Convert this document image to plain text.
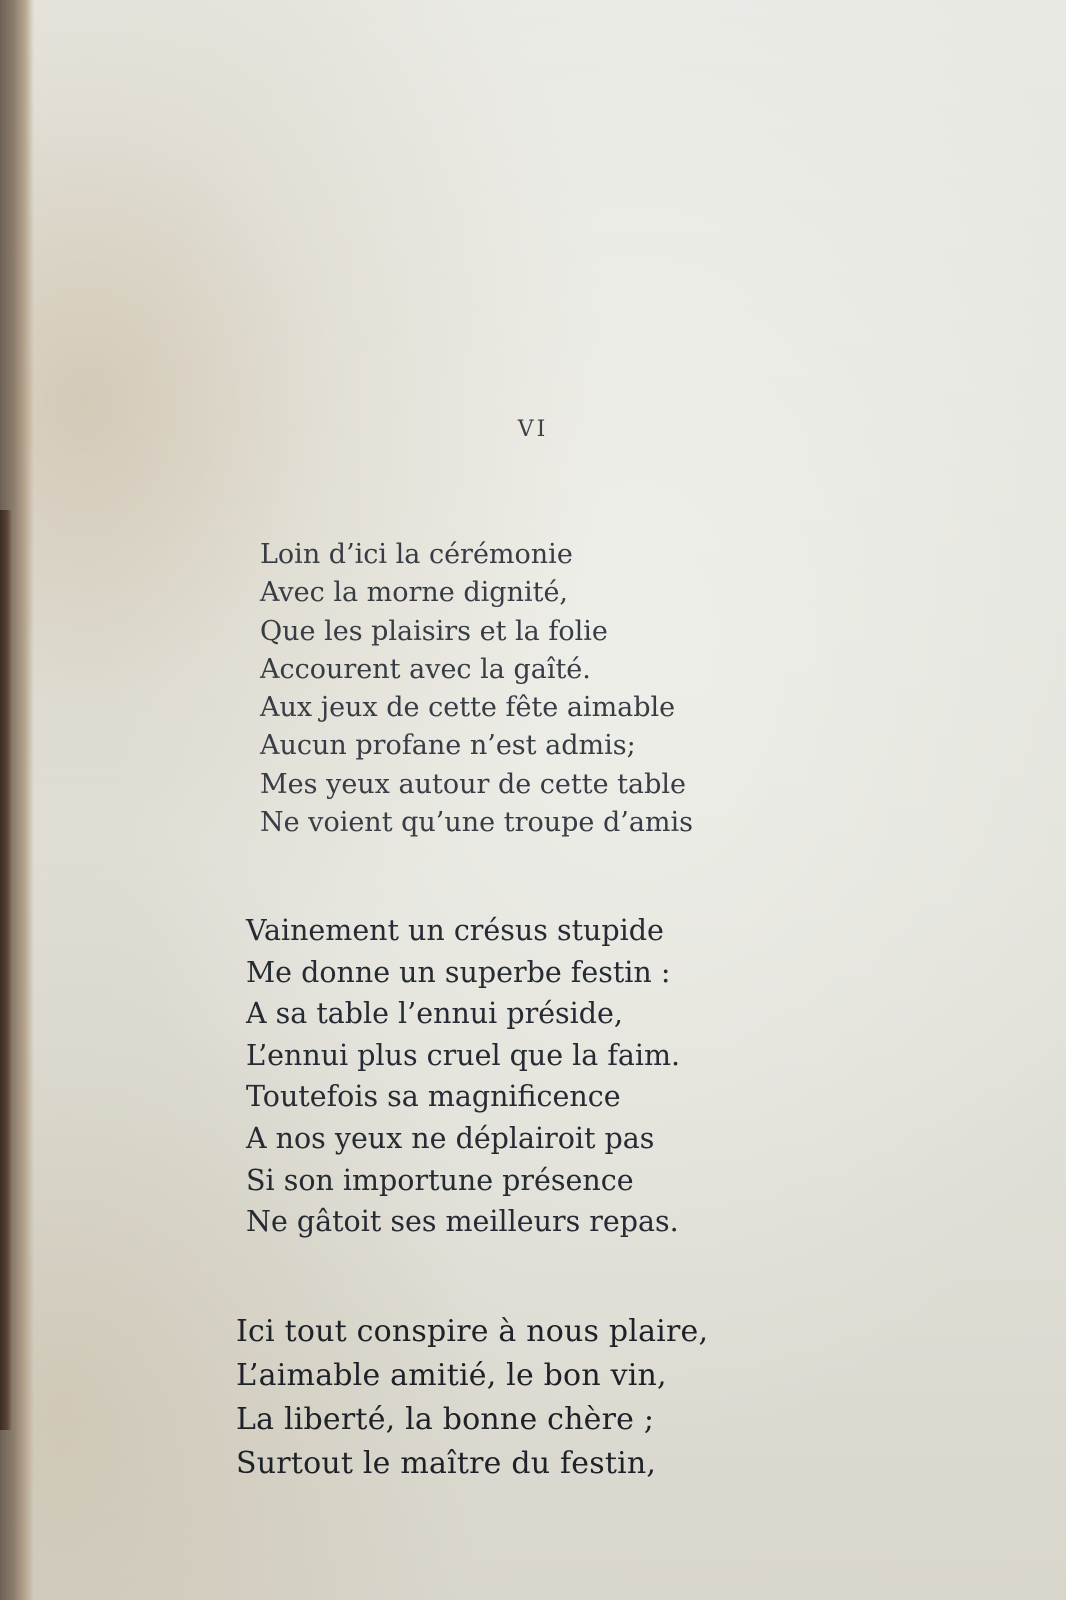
VI
Loin d’ici la cérémonie
Avec la morne dignité,
Que les plaisirs et la folie
Accourent avec la gaîté.
Aux jeux de cette fête aimable
Aucun profane n’est admis;
Mes yeux autour de cette table
Ne voient qu’une troupe d’amis
Vainement un crésus stupide
Me donne un superbe festin :
A sa table l’ennui préside,
L’ennui plus cruel que la faim.
Toutefois sa magnificence
A nos yeux ne déplairoit pas
Si son importune présence
Ne gâtoit ses meilleurs repas.
Ici tout conspire à nous plaire,
L’aimable amitié, le bon vin,
La liberté, la bonne chère ;
Surtout le maître du festin,
